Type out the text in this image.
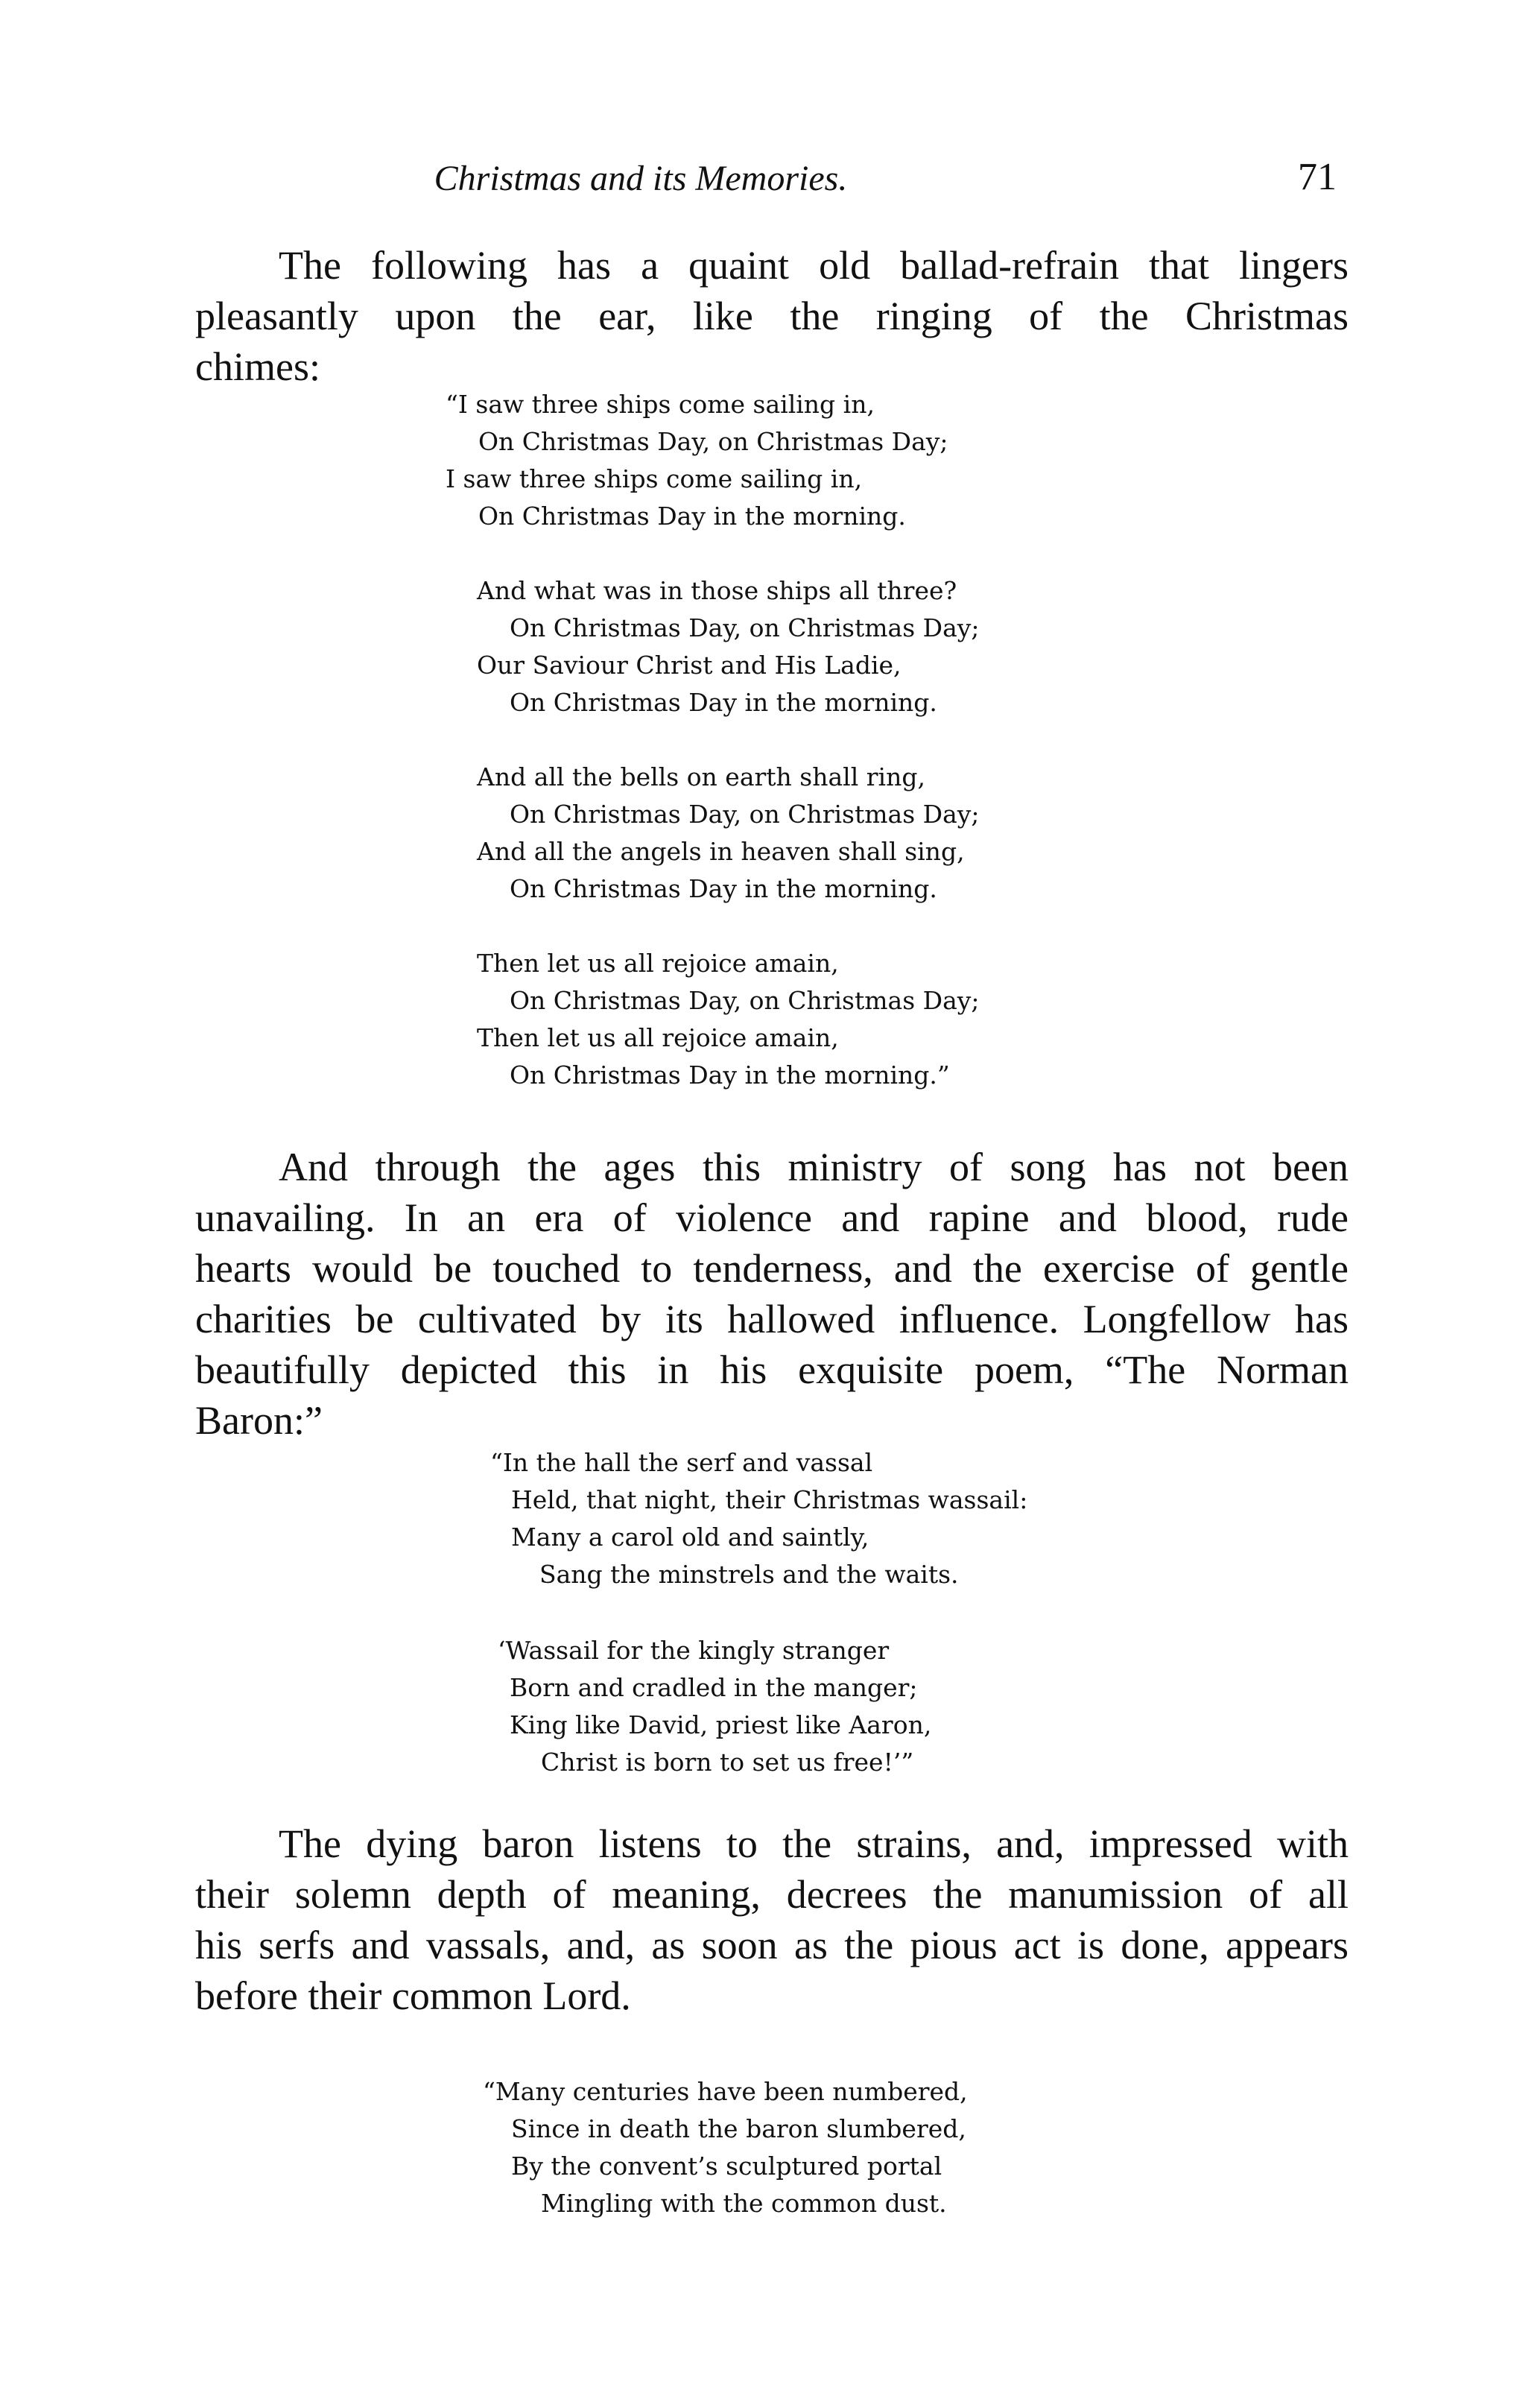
Christmas and its Memories.	71

The following has a quaint old ballad-refrain that lingers
pleasantly upon the ear, like the ringing of the Christmas
chimes:

“I saw three ships come sailing in,
On Christmas Day, on Christmas Day;
I saw three ships come sailing in,
On Christmas Day in the morning.
And what was in those ships all three?
On Christmas Day, on Christmas Day;
Our Saviour Christ and His Ladie,
On Christmas Day in the morning.
And all the bells on earth shall ring,
On Christmas Day, on Christmas Day;
And all the angels in heaven shall sing,
On Christmas Day in the morning.
Then let us all rejoice amain,
On Christmas Day, on Christmas Day;
Then let us all rejoice amain,
On Christmas Day in the morning.”

And through the ages this ministry of song has not been
unavailing. In an era of violence and rapine and blood, rude
hearts would be touched to tenderness, and the exercise of gentle
charities be cultivated by its hallowed influence. Longfellow has
beautifully depicted this in his exquisite poem, “The Norman
Baron:”

“In the hall the serf and vassal
Held, that night, their Christmas wassail:
Many a carol old and saintly,
Sang the minstrels and the waits.
‘Wassail for the kingly stranger
Born and cradled in the manger;
King like David, priest like Aaron,
Christ is born to set us free!’”

The dying baron listens to the strains, and, impressed with
their solemn depth of meaning, decrees the manumission of all
his serfs and vassals, and, as soon as the pious act is done, appears
before their common Lord.

“Many centuries have been numbered,
Since in death the baron slumbered,
By the convent’s sculptured portal
Mingling with the common dust.
